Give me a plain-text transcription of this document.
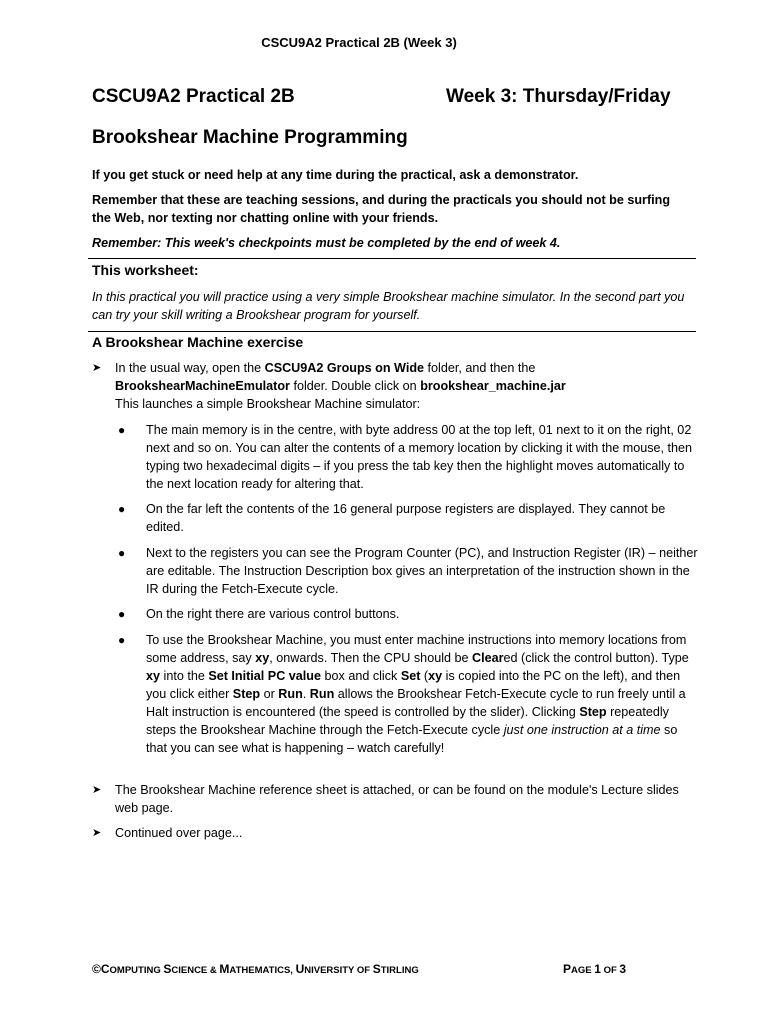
CSCU9A2 Practical 2B (Week 3)
CSCU9A2 Practical 2B	Week 3: Thursday/Friday
Brookshear Machine Programming
If you get stuck or need help at any time during the practical, ask a demonstrator.
Remember that these are teaching sessions, and during the practicals you should not be surfing the Web, nor texting nor chatting online with your friends.
Remember: This week's checkpoints must be completed by the end of week 4.
This worksheet:
In this practical you will practice using a very simple Brookshear machine simulator. In the second part you can try your skill writing a Brookshear program for yourself.
A Brookshear Machine exercise
➤	In the usual way, open the CSCU9A2 Groups on Wide folder, and then the
BrookshearMachineEmulator folder. Double click on brookshear_machine.jar
This launches a simple Brookshear Machine simulator:
● The main memory is in the centre, with byte address 00 at the top left, 01 next to it on the right, 02 next and so on. You can alter the contents of a memory location by clicking it with the mouse, then typing two hexadecimal digits – if you press the tab key then the highlight moves automatically to the next location ready for altering that.
● On the far left the contents of the 16 general purpose registers are displayed. They cannot be edited.
● Next to the registers you can see the Program Counter (PC), and Instruction Register (IR) – neither are editable. The Instruction Description box gives an interpretation of the instruction shown in the IR during the Fetch-Execute cycle.
● On the right there are various control buttons.
● To use the Brookshear Machine, you must enter machine instructions into memory locations from some address, say xy, onwards. Then the CPU should be Cleared (click the control button). Type xy into the Set Initial PC value box and click Set (xy is copied into the PC on the left), and then you click either Step or Run. Run allows the Brookshear Fetch-Execute cycle to run freely until a Halt instruction is encountered (the speed is controlled by the slider). Clicking Step repeatedly steps the Brookshear Machine through the Fetch-Execute cycle just one instruction at a time so that you can see what is happening – watch carefully!
➤	The Brookshear Machine reference sheet is attached, or can be found on the module's Lecture slides web page.
➤	Continued over page...
©COMPUTING SCIENCE & MATHEMATICS, UNIVERSITY OF STIRLING	PAGE 1 OF 3
